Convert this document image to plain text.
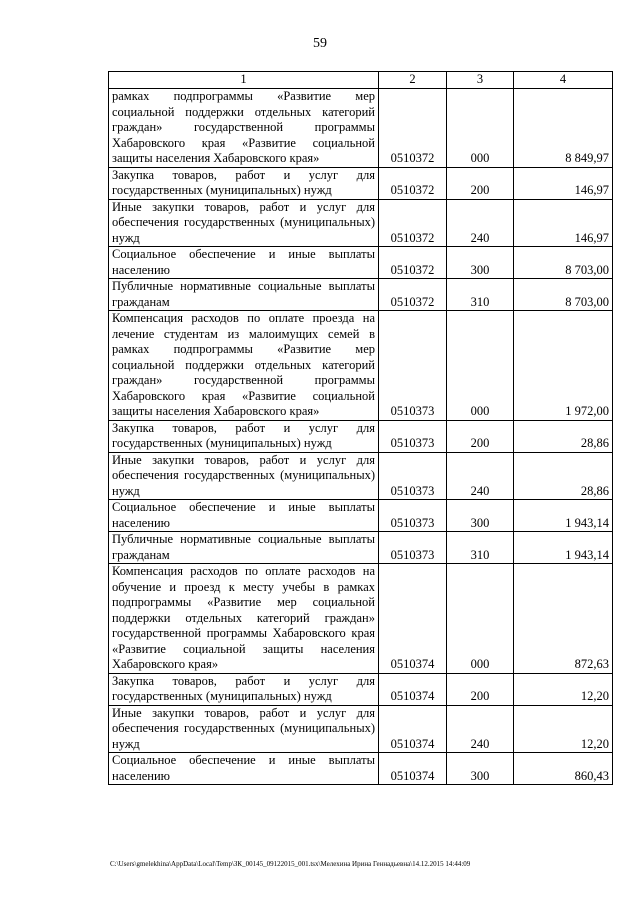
59
1	2	3	4
рамках подпрограммы «Развитие мер социальной поддержки отдельных категорий граждан» государственной программы Хабаровского края «Развитие социальной защиты населения Хабаровского края»	0510372	000	8 849,97
Закупка товаров, работ и услуг для государственных (муниципальных) нужд	0510372	200	146,97
Иные закупки товаров, работ и услуг для обеспечения государственных (муниципальных) нужд	0510372	240	146,97
Социальное обеспечение и иные выплаты населению	0510372	300	8 703,00
Публичные нормативные социальные выплаты гражданам	0510372	310	8 703,00
Компенсация расходов по оплате проезда на лечение студентам из малоимущих семей в рамках подпрограммы «Развитие мер социальной поддержки отдельных категорий граждан» государственной программы Хабаровского края «Развитие социальной защиты населения Хабаровского края»	0510373	000	1 972,00
Закупка товаров, работ и услуг для государственных (муниципальных) нужд	0510373	200	28,86
Иные закупки товаров, работ и услуг для обеспечения государственных (муниципальных) нужд	0510373	240	28,86
Социальное обеспечение и иные выплаты населению	0510373	300	1 943,14
Публичные нормативные социальные выплаты гражданам	0510373	310	1 943,14
Компенсация расходов по оплате расходов на обучение и проезд к месту учебы в рамках подпрограммы «Развитие мер социальной поддержки отдельных категорий граждан» государственной программы Хабаровского края «Развитие социальной защиты населения Хабаровского края»	0510374	000	872,63
Закупка товаров, работ и услуг для государственных (муниципальных) нужд	0510374	200	12,20
Иные закупки товаров, работ и услуг для обеспечения государственных (муниципальных) нужд	0510374	240	12,20
Социальное обеспечение и иные выплаты населению	0510374	300	860,43
C:\Users\gmelekhina\AppData\Local\Temp\ЗК_00145_09122015_001.tsx\Мелехина Ирина Геннадьевна\14.12.2015 14:44:09
